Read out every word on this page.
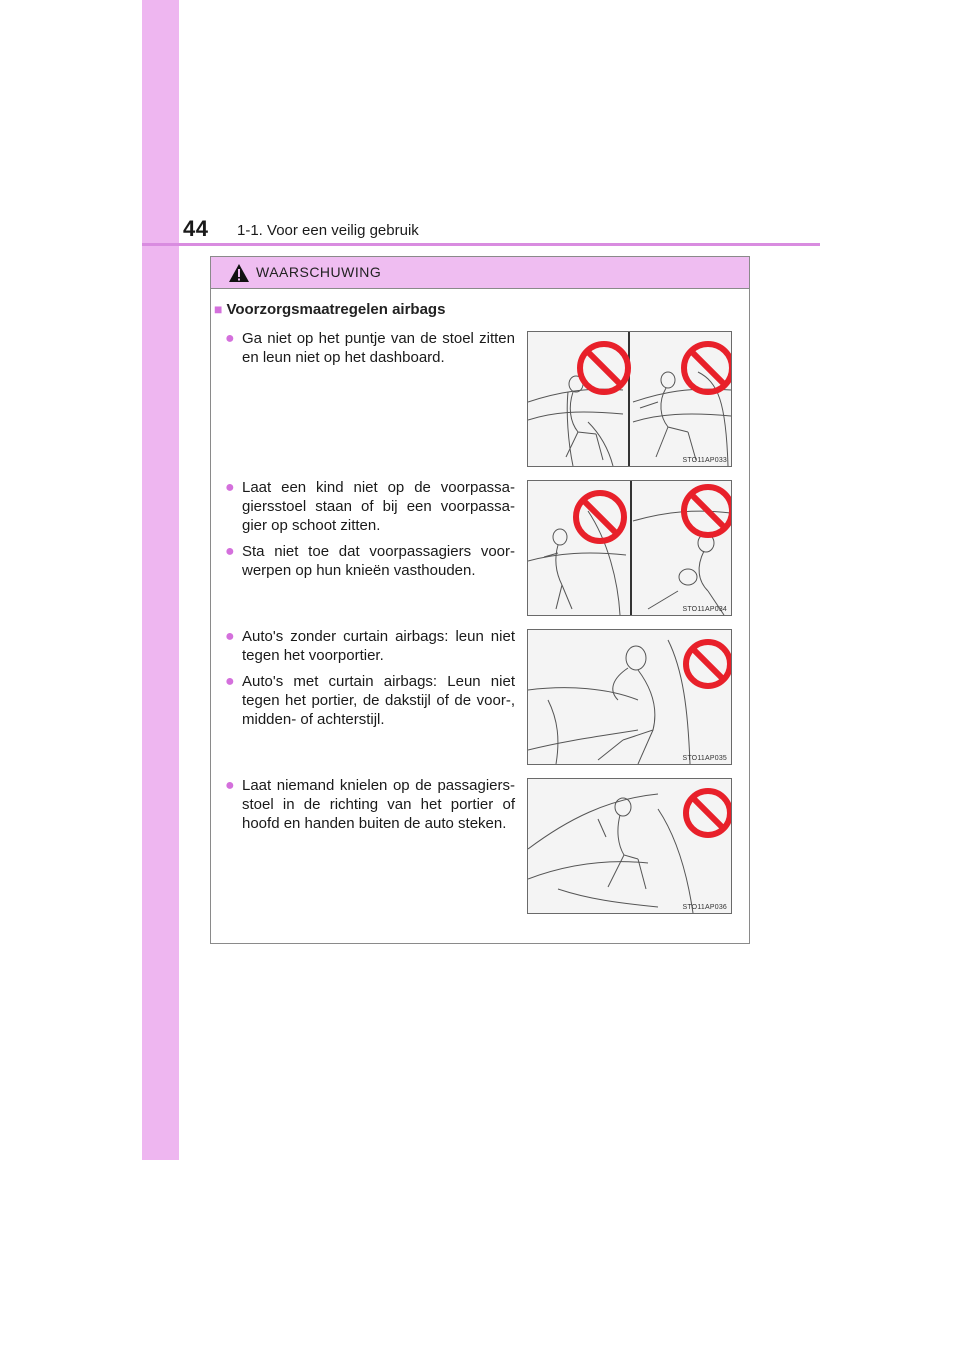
44 1-1. Voor een veilig gebruik
WAARSCHUWING
■ Voorzorgsmaatregelen airbags
● Ga niet op het puntje van de stoel zitten en leun niet op het dashboard.
STO11AP033
● Laat een kind niet op de voorpassa-giersstoel staan of bij een voorpassa-gier op schoot zitten.
● Sta niet toe dat voorpassagiers voor-werpen op hun knieën vasthouden.
STO11AP034
● Auto's zonder curtain airbags: leun niet tegen het voorportier.
● Auto's met curtain airbags: Leun niet tegen het portier, de dakstijl of de voor-, midden- of achterstijl.
STO11AP035
● Laat niemand knielen op de passagiers-stoel in de richting van het portier of hoofd en handen buiten de auto steken.
STO11AP036
